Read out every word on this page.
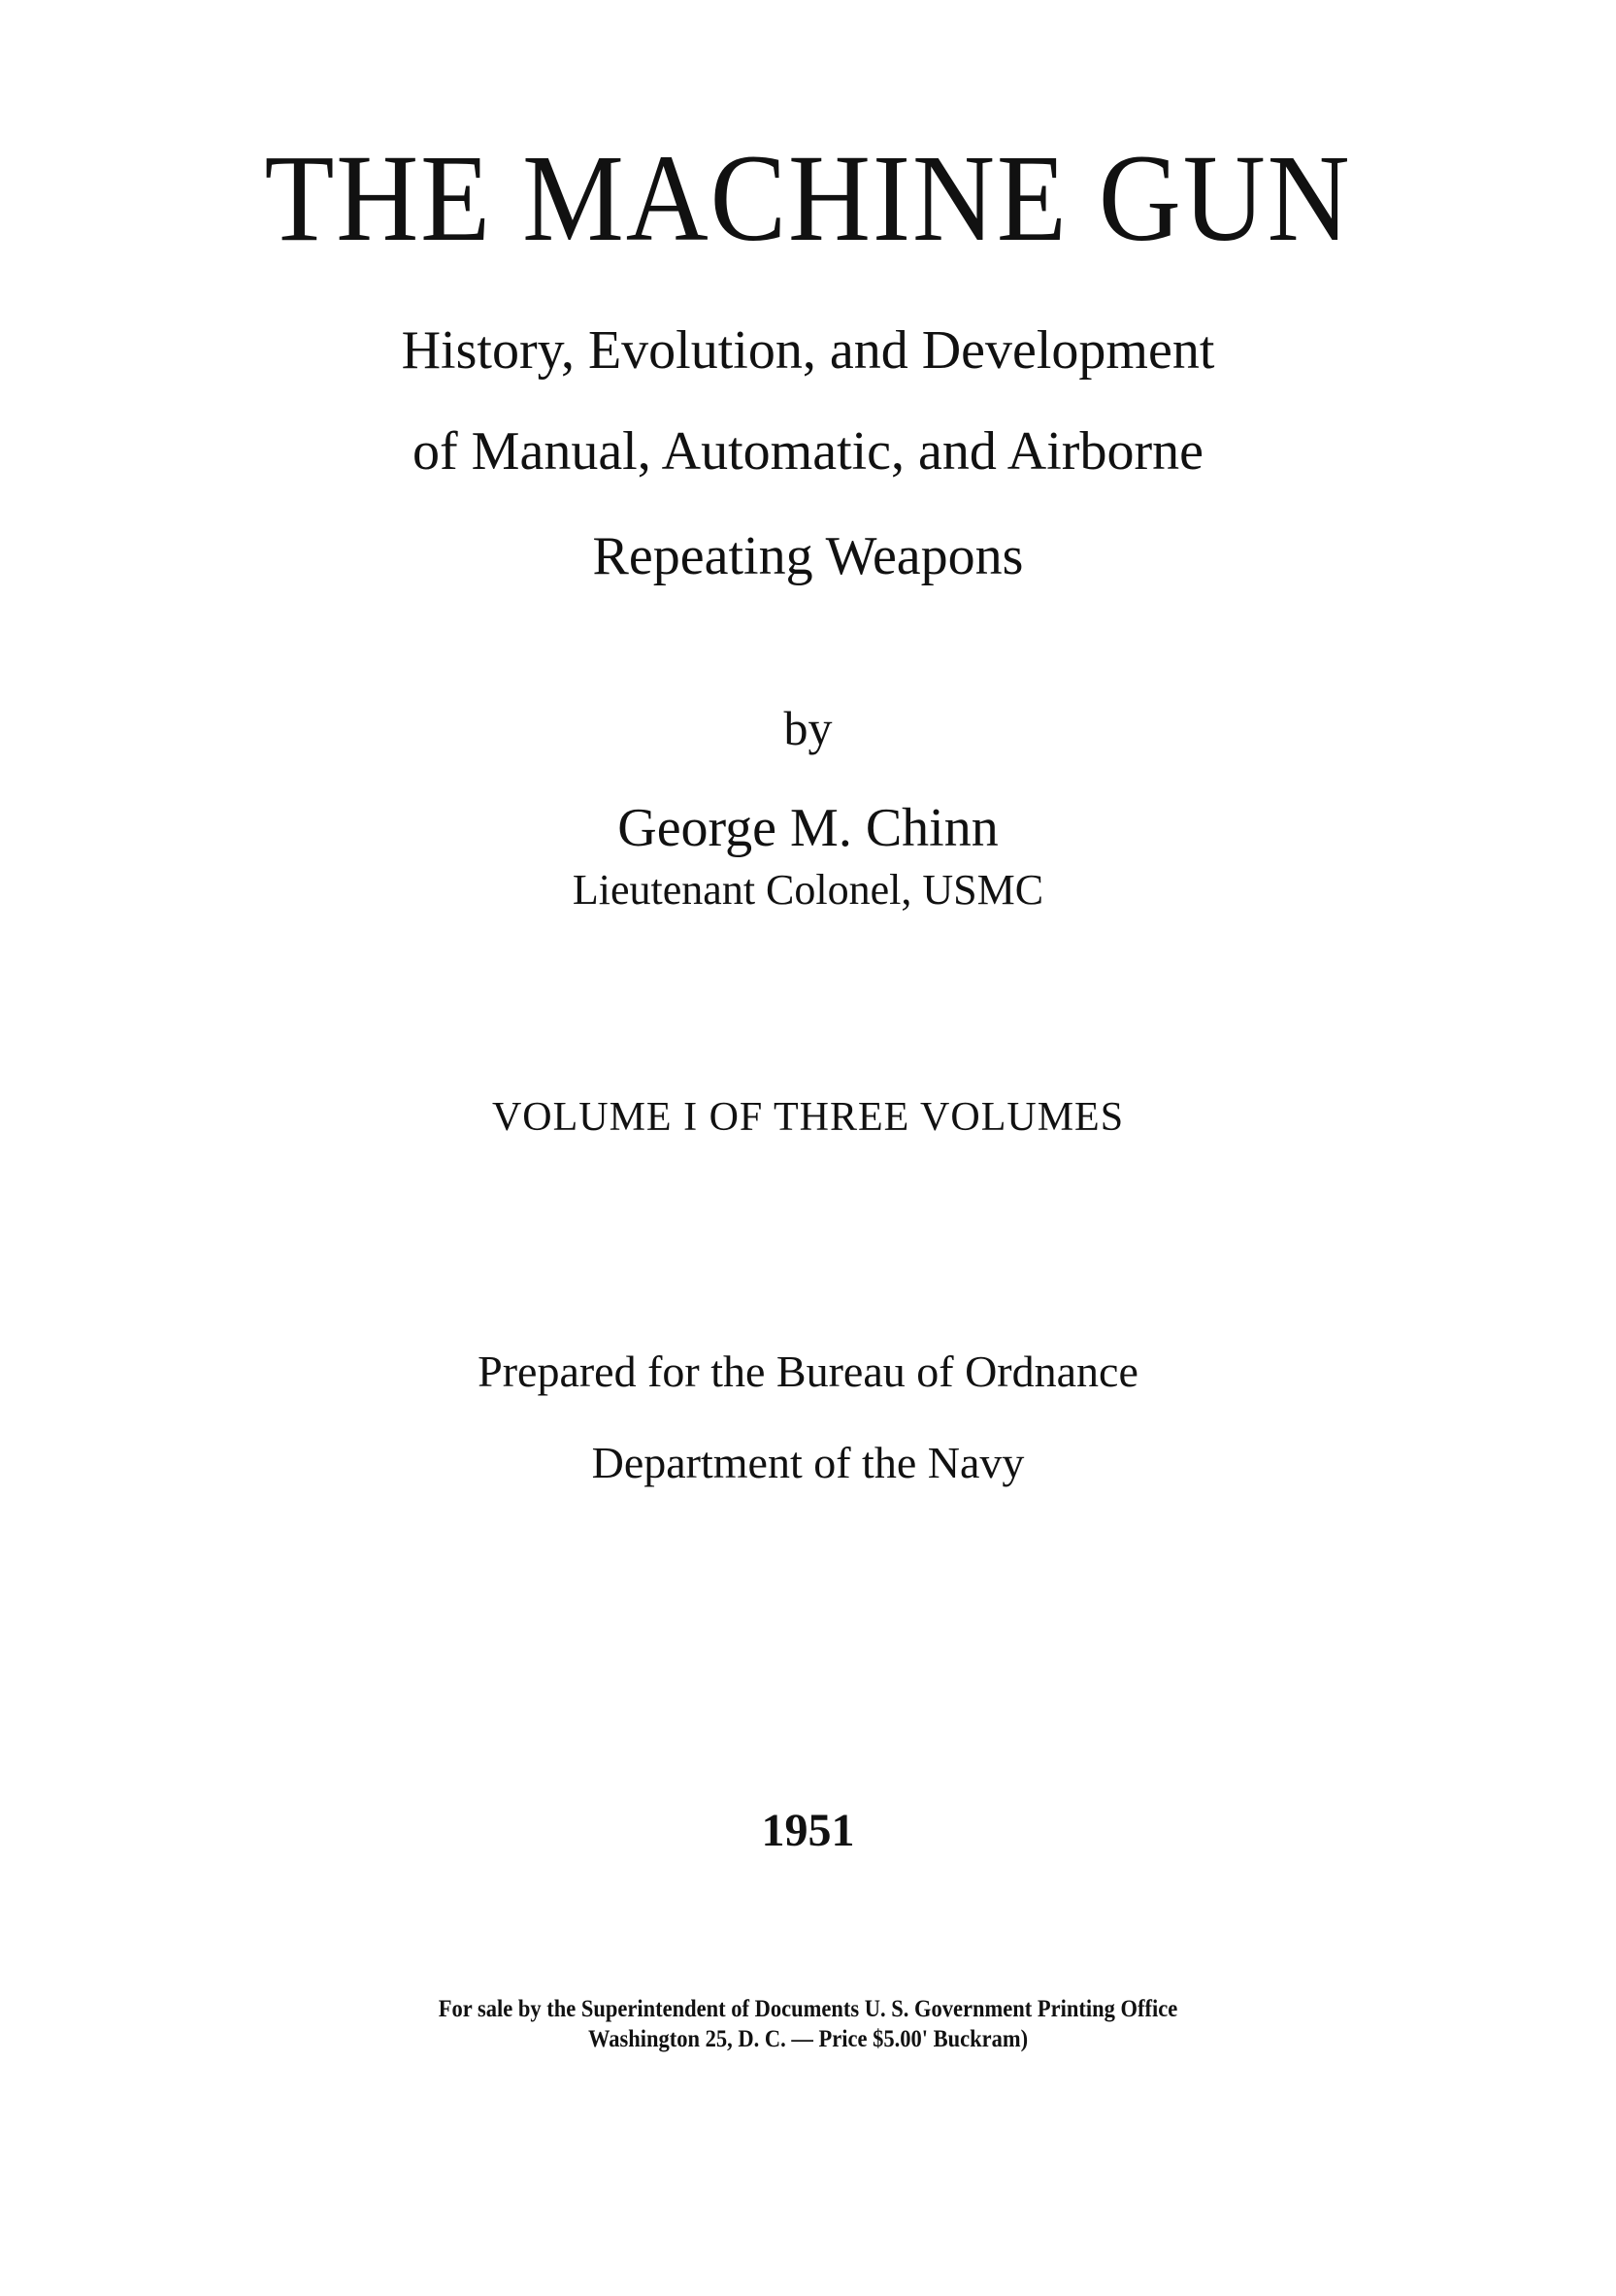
THE MACHINE GUN
History, Evolution, and Development
of Manual, Automatic, and Airborne
Repeating Weapons
by
George M. Chinn
Lieutenant Colonel, USMC
VOLUME I OF THREE VOLUMES
Prepared for the Bureau of Ordnance
Department of the Navy
1951
For sale by the Superintendent of Documents U. S. Government Printing Office
Washington 25, D. C. — Price $5.00' Buckram)
